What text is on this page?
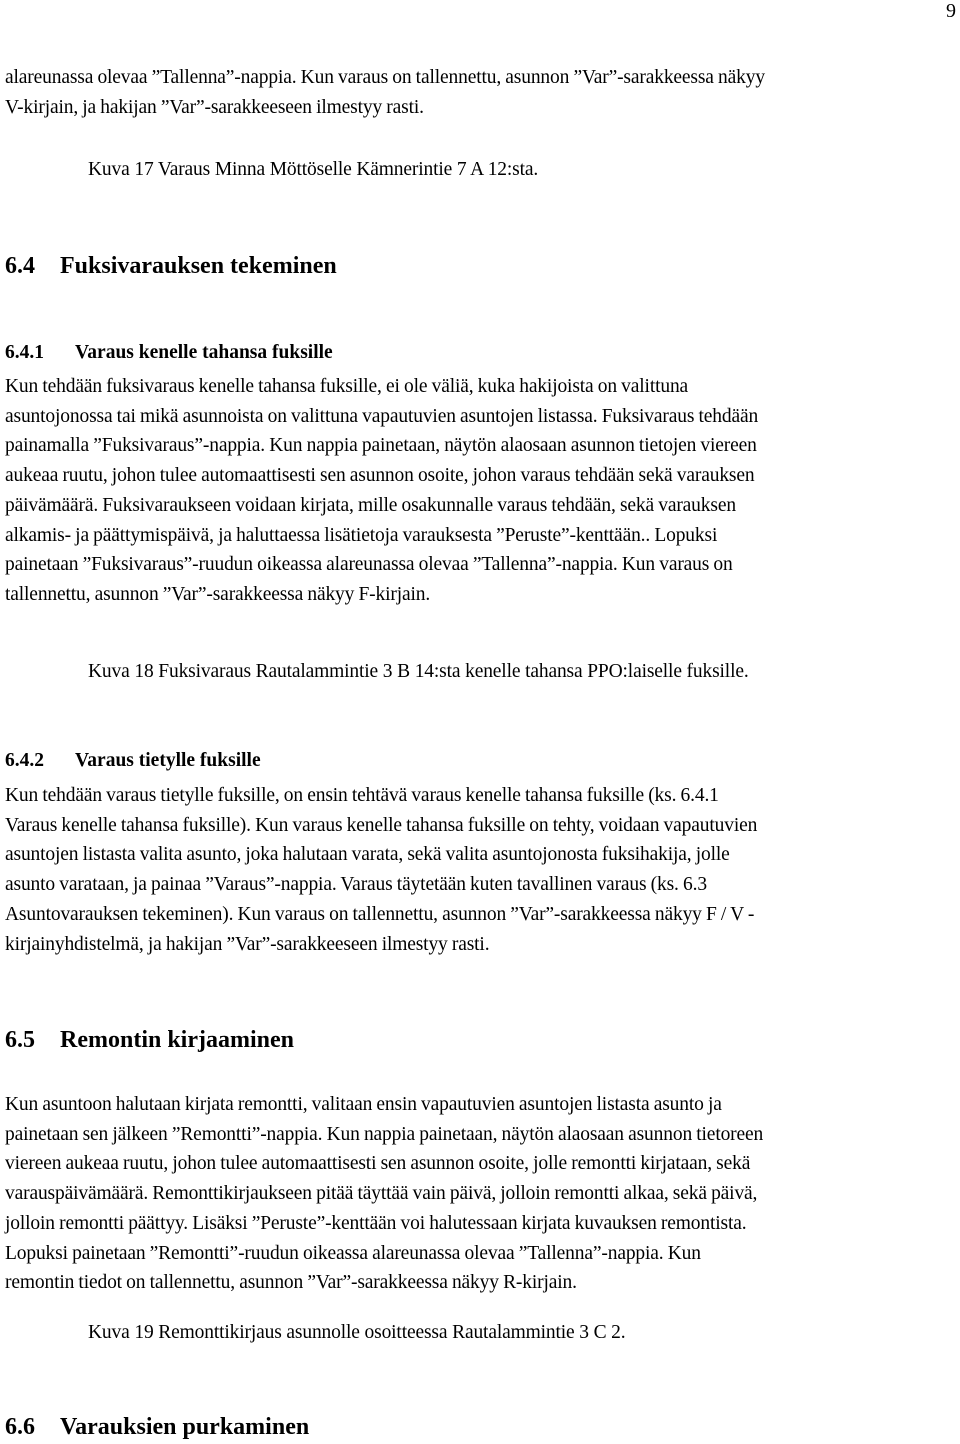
9
alareunassa olevaa ”Tallenna”-nappia. Kun varaus on tallennettu, asunnon ”Var”-sarakkeessa näkyy
V-kirjain, ja hakijan ”Var”-sarakkeeseen ilmestyy rasti.
Kuva 17 Varaus Minna Möttöselle Kämnerintie 7 A 12:sta.
6.4 Fuksivarauksen tekeminen
6.4.1 Varaus kenelle tahansa fuksille
Kun tehdään fuksivaraus kenelle tahansa fuksille, ei ole väliä, kuka hakijoista on valittuna
asuntojonossa tai mikä asunnoista on valittuna vapautuvien asuntojen listassa. Fuksivaraus tehdään
painamalla ”Fuksivaraus”-nappia. Kun nappia painetaan, näytön alaosaan asunnon tietojen viereen
aukeaa ruutu, johon tulee automaattisesti sen asunnon osoite, johon varaus tehdään sekä varauksen
päivämäärä. Fuksivaraukseen voidaan kirjata, mille osakunnalle varaus tehdään, sekä varauksen
alkamis- ja päättymispäivä, ja haluttaessa lisätietoja varauksesta ”Peruste”-kenttään.. Lopuksi
painetaan ”Fuksivaraus”-ruudun oikeassa alareunassa olevaa ”Tallenna”-nappia. Kun varaus on
tallennettu, asunnon ”Var”-sarakkeessa näkyy F-kirjain.
Kuva 18 Fuksivaraus Rautalammintie 3 B 14:sta kenelle tahansa PPO:laiselle fuksille.
6.4.2 Varaus tietylle fuksille
Kun tehdään varaus tietylle fuksille, on ensin tehtävä varaus kenelle tahansa fuksille (ks. 6.4.1
Varaus kenelle tahansa fuksille). Kun varaus kenelle tahansa fuksille on tehty, voidaan vapautuvien
asuntojen listasta valita asunto, joka halutaan varata, sekä valita asuntojonosta fuksihakija, jolle
asunto varataan, ja painaa ”Varaus”-nappia. Varaus täytetään kuten tavallinen varaus (ks. 6.3
Asuntovarauksen tekeminen). Kun varaus on tallennettu, asunnon ”Var”-sarakkeessa näkyy F / V -
kirjainyhdistelmä, ja hakijan ”Var”-sarakkeeseen ilmestyy rasti.
6.5 Remontin kirjaaminen
Kun asuntoon halutaan kirjata remontti, valitaan ensin vapautuvien asuntojen listasta asunto ja
painetaan sen jälkeen ”Remontti”-nappia. Kun nappia painetaan, näytön alaosaan asunnon tietoreen
viereen aukeaa ruutu, johon tulee automaattisesti sen asunnon osoite, jolle remontti kirjataan, sekä
varauspäivämäärä. Remonttikirjaukseen pitää täyttää vain päivä, jolloin remontti alkaa, sekä päivä,
jolloin remontti päättyy. Lisäksi ”Peruste”-kenttään voi halutessaan kirjata kuvauksen remontista.
Lopuksi painetaan ”Remontti”-ruudun oikeassa alareunassa olevaa ”Tallenna”-nappia. Kun
remontin tiedot on tallennettu, asunnon ”Var”-sarakkeessa näkyy R-kirjain.
Kuva 19 Remonttikirjaus asunnolle osoitteessa Rautalammintie 3 C 2.
6.6 Varauksien purkaminen
